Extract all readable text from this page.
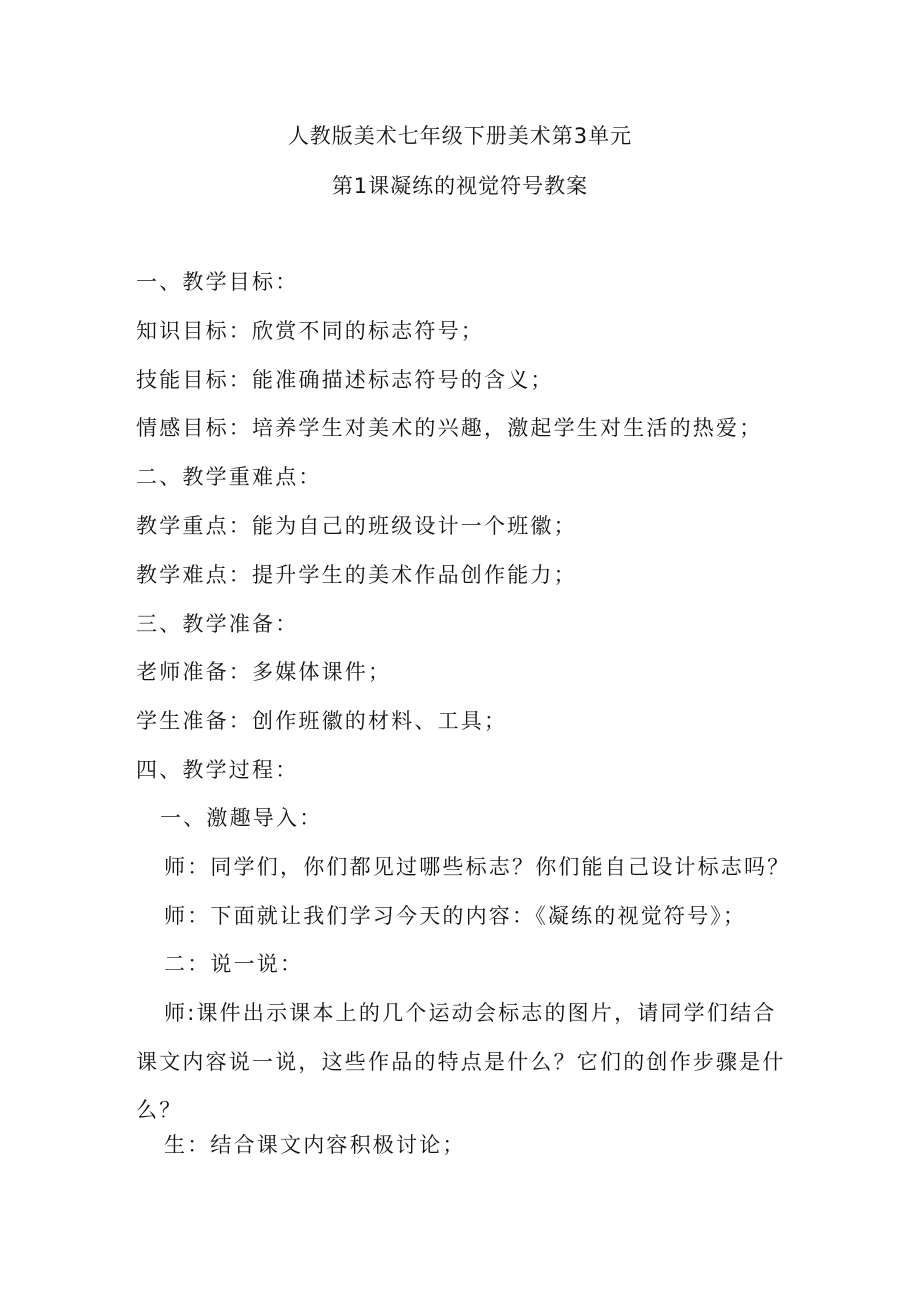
人教版美术七年级下册美术第3单元
第1课凝练的视觉符号教案
一、教学目标：
知识目标：欣赏不同的标志符号；
技能目标：能准确描述标志符号的含义；
情感目标：培养学生对美术的兴趣，激起学生对生活的热爱；
二、教学重难点：
教学重点：能为自己的班级设计一个班徽；
教学难点：提升学生的美术作品创作能力；
三、教学准备：
老师准备：多媒体课件；
学生准备：创作班徽的材料、工具；
四、教学过程：
一、激趣导入：
师：同学们，你们都见过哪些标志？你们能自己设计标志吗？
师：下面就让我们学习今天的内容：《凝练的视觉符号》；
二：说一说：
师:课件出示课本上的几个运动会标志的图片，请同学们结合
课文内容说一说，这些作品的特点是什么？它们的创作步骤是什
么？
生：结合课文内容积极讨论；
